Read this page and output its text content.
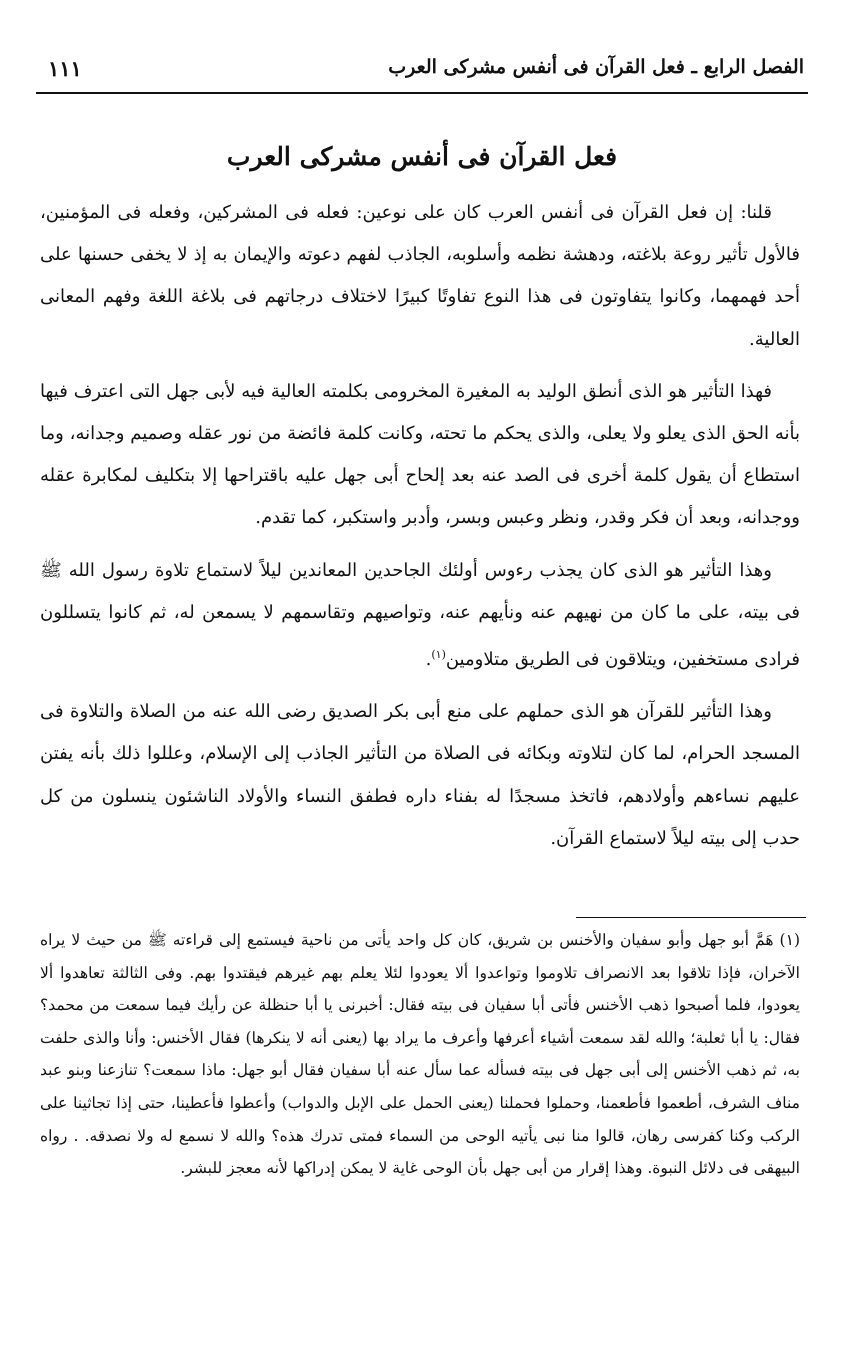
الفصل الرابع ـ فعل القرآن فى أنفس مشركى العرب
١١١
فعل القرآن فى أنفس مشركى العرب

قلنا: إن فعل القرآن فى أنفس العرب كان على نوعين: فعله فى المشركين، وفعله فى المؤمنين، فالأول تأثير روعة بلاغته، ودهشة نظمه وأسلوبه، الجاذب لفهم دعوته والإيمان به إذ لا يخفى حسنها على أحد فهمهما، وكانوا يتفاوتون فى هذا النوع تفاوتًا كبيرًا لاختلاف درجاتهم فى بلاغة اللغة وفهم المعانى العالية.

فهذا التأثير هو الذى أنطق الوليد به المغيرة المخرومى بكلمته العالية فيه لأبى جهل التى اعترف فيها بأنه الحق الذى يعلو ولا يعلى، والذى يحكم ما تحته، وكانت كلمة فائضة من نور عقله وصميم وجدانه، وما استطاع أن يقول كلمة أخرى فى الصد عنه بعد إلحاح أبى جهل عليه باقتراحها إلا بتكليف لمكابرة عقله ووجدانه، وبعد أن فكر وقدر، ونظر وعبس وبسر، وأدبر واستكبر، كما تقدم.

وهذا التأثير هو الذى كان يجذب رءوس أولئك الجاحدين المعاندين ليلاً لاستماع تلاوة رسول الله ﷺ فى بيته، على ما كان من نهيهم عنه ونأيهم عنه، وتواصيهم وتقاسمهم لا يسمعن له، ثم كانوا يتسللون فرادى مستخفين، ويتلاقون فى الطريق متلاومين$^{(١)}$.

وهذا التأثير للقرآن هو الذى حملهم على منع أبى بكر الصديق رضى الله عنه من الصلاة والتلاوة فى المسجد الحرام، لما كان لتلاوته وبكائه فى الصلاة من التأثير الجاذب إلى الإسلام، وعللوا ذلك بأنه يفتن عليهم نساءهم وأولادهم، فاتخذ مسجدًا له بفناء داره فطفق النساء والأولاد الناشئون ينسلون من كل حدب إلى بيته ليلاً لاستماع القرآن.

(١) هَمَّ أبو جهل وأبو سفيان والأخنس بن شريق، كان كل واحد يأتى من ناحية فيستمع إلى قراءته ﷺ من حيث لا يراه الآخران، فإذا تلاقوا بعد الانصراف تلاوموا وتواعدوا ألا يعودوا لئلا يعلم بهم غيرهم فيقتدوا بهم. وفى الثالثة تعاهدوا ألا يعودوا، فلما أصبحوا ذهب الأخنس فأتى أبا سفيان فى بيته فقال: أخبرنى يا أبا حنظلة عن رأيك فيما سمعت من محمد؟ فقال: يا أبا ثعلبة؛ والله لقد سمعت أشياء أعرفها وأعرف ما يراد بها (يعنى أنه لا ينكرها) فقال الأخنس: وأنا والذى حلفت به، ثم ذهب الأخنس إلى أبى جهل فى بيته فسأله عما سأل عنه أبا سفيان فقال أبو جهل: ماذا سمعت؟ تنازعنا وبنو عبد مناف الشرف، أطعموا فأطعمنا، وحملوا فحملنا (يعنى الحمل على الإبل والدواب) وأعطوا فأعطينا، حتى إذا تجاثينا على الركب وكنا كفرسى رهان، قالوا منا نبى يأتيه الوحى من السماء فمتى تدرك هذه؟ والله لا نسمع له ولا نصدقه. . رواه البيهقى فى دلائل النبوة. وهذا إقرار من أبى جهل بأن الوحى غاية لا يمكن إدراكها لأنه معجز للبشر.
